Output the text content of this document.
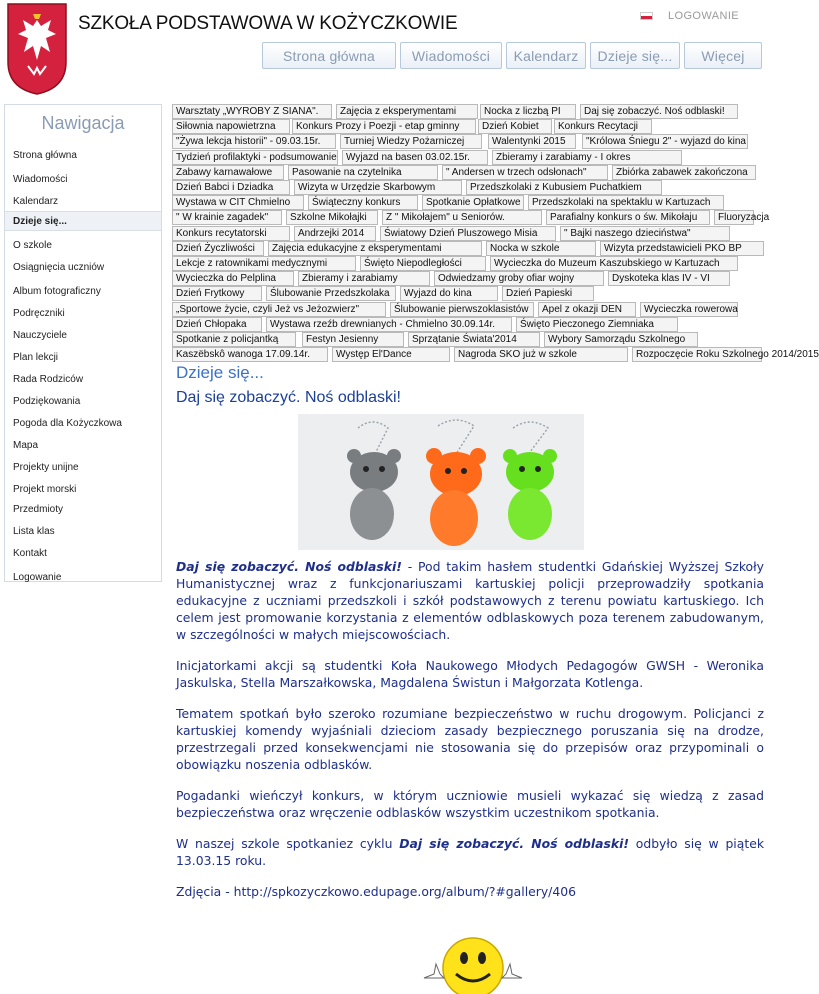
SZKOŁA PODSTAWOWA W KOŻYCZKOWIE	LOGOWANIE
Strona główna	Wiadomości	Kalendarz	Dzieje się...	Więcej
Nawigacja
Strona główna
Wiadomości
Kalendarz
Dzieje się...
O szkole
Osiągnięcia uczniów
Album fotograficzny
Podręczniki
Nauczyciele
Plan lekcji
Rada Rodziców
Podziękowania
Pogoda dla Kożyczkowa
Mapa
Projekty unijne
Projekt morski
Przedmioty
Lista klas
Kontakt
Logowanie
Warsztaty „WYROBY Z SIANA".	Zajęcia z eksperymentami	Nocka z liczbą PI	Daj się zobaczyć. Noś odblaski!
Siłownia napowietrzna	Konkurs Prozy i Poezji - etap gminny	Dzień Kobiet	Konkurs Recytacji
"Żywa lekcja historii" - 09.03.15r.	Turniej Wiedzy Pożarniczej	Walentynki 2015	"Królowa Śniegu 2" - wyjazd do kina
Tydzień profilaktyki - podsumowanie Wyjazd na basen 03.02.15r.	Zbieramy i zarabiamy - I okres
Zabawy karnawałowe	Pasowanie na czytelnika	" Andersen w trzech odsłonach"	Zbiórka zabawek zakończona
Dzień Babci i Dziadka	Wizyta w Urzędzie Skarbowym	Przedszkolaki z Kubusiem Puchatkiem
Wystawa w CIT Chmielno	Świąteczny konkurs	Spotkanie Opłatkowe	Przedszkolaki na spektaklu w Kartuzach
" W krainie zagadek"	Szkolne Mikołajki	Z " Mikołajem" u Seniorów.	Parafialny konkurs o św. Mikołaju	Fluoryzacja
Konkurs recytatorski	Andrzejki 2014	Światowy Dzień Pluszowego Misia	" Bajki naszego dzieciństwa"
Dzień Życzliwości	Zajęcia edukacyjne z eksperymentami	Nocka w szkole	Wizyta przedstawicieli PKO BP
Lekcje z ratownikami medycznymi	Święto Niepodległości	Wycieczka do Muzeum Kaszubskiego w Kartuzach
Wycieczka do Pelplina	Zbieramy i zarabiamy	Odwiedzamy groby ofiar wojny	Dyskoteka klas IV - VI
Dzień Frytkowy	Ślubowanie Przedszkolaka	Wyjazd do kina	Dzień Papieski
„Sportowe życie, czyli Jeż vs Jeżozwierz"	Ślubowanie pierwszoklasistów	Apel z okazji DEN	Wycieczka rowerowa
Dzień Chłopaka	Wystawa rzeźb drewnianych - Chmielno 30.09.14r.	Święto Pieczonego Ziemniaka
Spotkanie z policjantką	Festyn Jesienny	Sprzątanie Świata'2014	Wybory Samorządu Szkolnego
Kaszëbskô wanoga 17.09.14r.	Występ El'Dance	Nagroda SKO już w szkole	Rozpoczęcie Roku Szkolnego 2014/2015
Dzieje się...
Daj się zobaczyć. Noś odblaski!

Daj się zobaczyć. Noś odblaski! - Pod takim hasłem studentki Gdańskiej Wyższej Szkoły Humanistycznej wraz z funkcjonariuszami kartuskiej policji przeprowadziły spotkania edukacyjne z uczniami przedszkoli i szkół podstawowych z terenu powiatu kartuskiego. Ich celem jest promowanie korzystania z elementów odblaskowych poza terenem zabudowanym, w szczególności w małych miejscowościach.

Inicjatorkami akcji są studentki Koła Naukowego Młodych Pedagogów GWSH - Weronika Jaskulska, Stella Marszałkowska, Magdalena Świstun i Małgorzata Kotlenga.

Tematem spotkań było szeroko rozumiane bezpieczeństwo w ruchu drogowym. Policjanci z kartuskiej komendy wyjaśniali dzieciom zasady bezpiecznego poruszania się na drodze, przestrzegali przed konsekwencjami nie stosowania się do przepisów oraz przypominali o obowiązku noszenia odblasków.

Pogadanki wieńczył konkurs, w którym uczniowie musieli wykazać się wiedzą z zasad bezpieczeństwa oraz wręczenie odblasków wszystkim uczestnikom spotkania.

W naszej szkole spotkaniez cyklu Daj się zobaczyć. Noś odblaski! odbyło się w piątek 13.03.15 roku.

Zdjęcia - http://spkozyczkowo.edupage.org/album/?#gallery/406
